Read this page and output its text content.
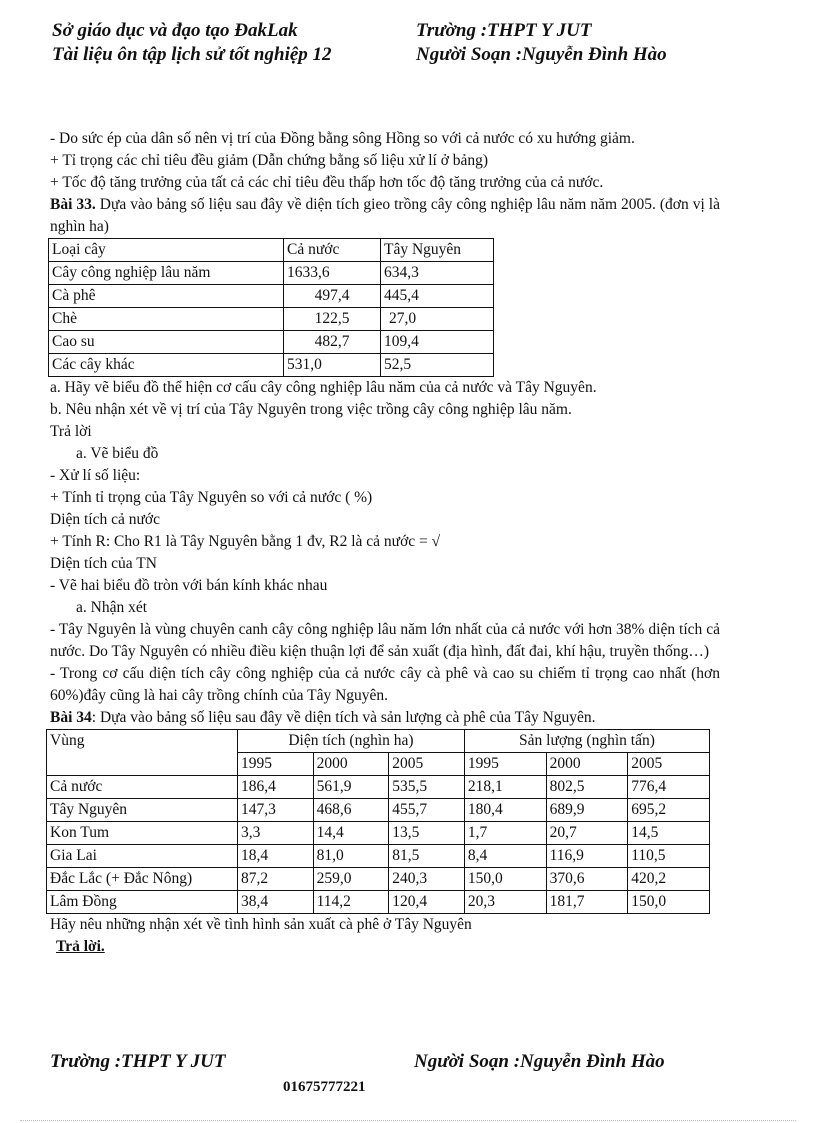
Sở giáo dục và đạo tạo ĐakLak
Tài liệu ôn tập lịch sử tốt nghiệp 12
Trường :THPT Y JUT
Người Soạn :Nguyễn Đình Hào

- Do sức ép của dân số nên vị trí của Đồng bằng sông Hồng so với cả nước có xu hướng giảm.

+ Tỉ trọng các chỉ tiêu đều giảm (Dẫn chứng bằng số liệu xử lí ở bảng)

+ Tốc độ tăng trưởng của tất cả các chỉ tiêu đều thấp hơn tốc độ tăng trưởng của cả nước.

Bài 33. Dựa vào bảng số liệu sau đây về diện tích gieo trồng cây công nghiệp lâu năm năm 2005. (đơn vị là nghìn ha)

Loại cây	Cả nước	Tây Nguyên
Cây công nghiệp lâu năm	1633,6	634,3
Cà phê	497,4	445,4
Chè	122,5	27,0
Cao su	482,7	109,4
Các cây khác	531,0	52,5

a. Hãy vẽ biểu đồ thể hiện cơ cấu cây công nghiệp lâu năm của cả nước và Tây Nguyên.

b. Nêu nhận xét về vị trí của Tây Nguyên trong việc trồng cây công nghiệp lâu năm.

Trả lời

a. Vẽ biểu đồ

- Xử lí số liệu:

+ Tính tỉ trọng của Tây Nguyên so với cả nước ( %)

Diện tích cả nước

+ Tính R: Cho R1 là Tây Nguyên bằng 1 đv, R2 là cả nước = √

Diện tích của TN

- Vẽ hai biểu đồ tròn với bán kính khác nhau

a. Nhận xét

- Tây Nguyên là vùng chuyên canh cây công nghiệp lâu năm lớn nhất của cả nước với hơn 38% diện tích cả nước. Do Tây Nguyên có nhiều điều kiện thuận lợi để sản xuất (địa hình, đất đai, khí hậu, truyền thống…)

- Trong cơ cấu diện tích cây công nghiệp của cả nước cây cà phê và cao su chiếm tỉ trọng cao nhất (hơn 60%)đây cũng là hai cây trồng chính của Tây Nguyên.

Bài 34: Dựa vào bảng số liệu sau đây về diện tích và sản lượng cà phê của Tây Nguyên.

Vùng	Diện tích (nghìn ha)			Sản lượng (nghìn tấn)		
	1995	2000	2005	1995	2000	2005
Cả nước	186,4	561,9	535,5	218,1	802,5	776,4
Tây Nguyên	147,3	468,6	455,7	180,4	689,9	695,2
Kon Tum	3,3	14,4	13,5	1,7	20,7	14,5
Gia Lai	18,4	81,0	81,5	8,4	116,9	110,5
Đắc Lắc (+ Đắc Nông)	87,2	259,0	240,3	150,0	370,6	420,2
Lâm Đồng	38,4	114,2	120,4	20,3	181,7	150,0

Hãy nêu những nhận xét về tình hình sản xuất cà phê ở Tây Nguyên

Trả lời.

Trường :THPT Y JUT	Người Soạn :Nguyễn Đình Hào
01675777221
